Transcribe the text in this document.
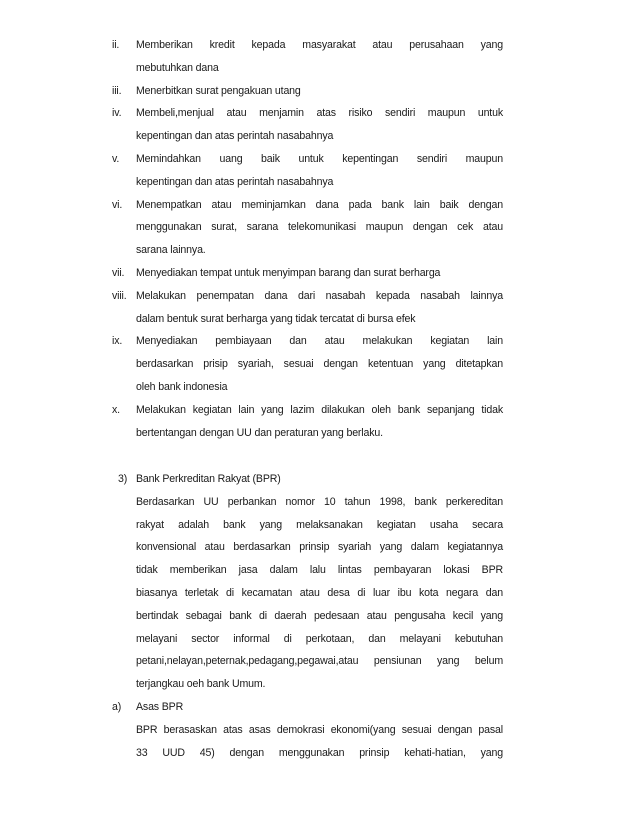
ii.	Memberikan kredit kepada masyarakat atau perusahaan yang
mebutuhkan dana
iii.	Menerbitkan surat pengakuan utang
iv.	Membeli,menjual atau menjamin atas risiko sendiri maupun untuk
kepentingan dan atas perintah nasabahnya
v.	Memindahkan uang baik untuk kepentingan sendiri maupun
kepentingan dan atas perintah nasabahnya
vi.	Menempatkan atau meminjamkan dana pada bank lain baik dengan
menggunakan surat, sarana telekomunikasi maupun dengan cek atau
sarana lainnya.
vii.	Menyediakan tempat untuk menyimpan barang dan surat berharga
viii. Melakukan penempatan dana dari nasabah kepada nasabah lainnya
dalam bentuk surat berharga yang tidak tercatat di bursa efek
ix.	Menyediakan pembiayaan dan atau melakukan kegiatan lain
berdasarkan prisip syariah, sesuai dengan ketentuan yang ditetapkan
oleh bank indonesia
x.	Melakukan kegiatan lain yang lazim dilakukan oleh bank sepanjang tidak
bertentangan dengan UU dan peraturan yang berlaku.
3) Bank Perkreditan Rakyat (BPR)
Berdasarkan UU perbankan nomor 10 tahun 1998, bank perkereditan
rakyat adalah bank yang melaksanakan kegiatan usaha secara
konvensional atau berdasarkan prinsip syariah yang dalam kegiatannya
tidak memberikan jasa dalam lalu lintas pembayaran lokasi BPR
biasanya terletak di kecamatan atau desa di luar ibu kota negara dan
bertindak sebagai bank di daerah pedesaan atau pengusaha kecil yang
melayani sector informal di perkotaan, dan melayani kebutuhan
petani,nelayan,peternak,pedagang,pegawai,atau pensiunan yang belum
terjangkau oeh bank Umum.
a)	Asas BPR
BPR berasaskan atas asas demokrasi ekonomi(yang sesuai dengan pasal
33 UUD 45) dengan menggunakan prinsip kehati-hatian, yang
